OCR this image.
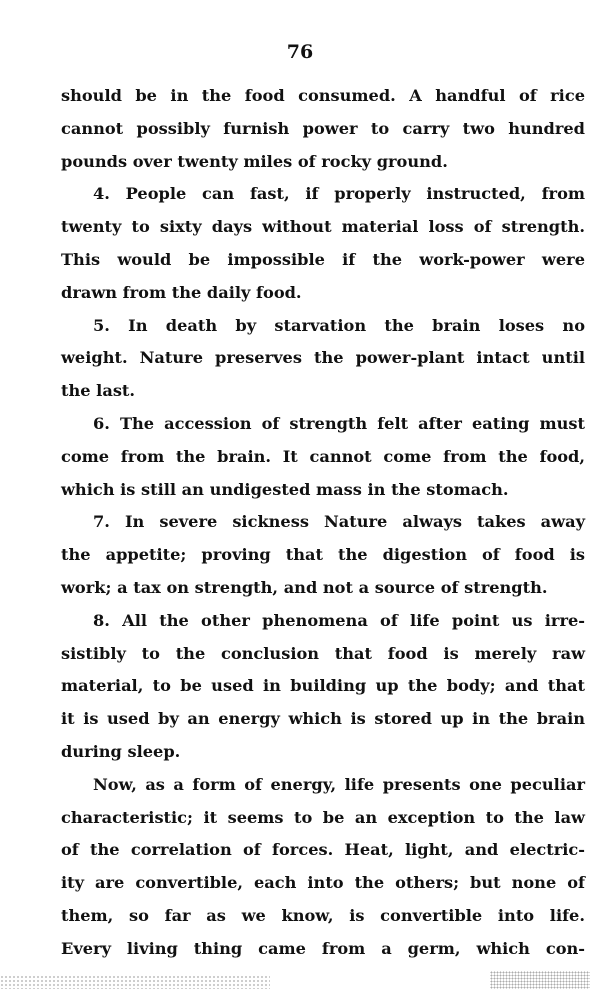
76
should be in the food consumed. A handful of rice
cannot possibly furnish power to carry two hundred
pounds over twenty miles of rocky ground.
4. People can fast, if properly instructed, from
twenty to sixty days without material loss of strength.
This would be impossible if the work-power were
drawn from the daily food.
5. In death by starvation the brain loses no
weight. Nature preserves the power-plant intact until
the last.
6. The accession of strength felt after eating must
come from the brain. It cannot come from the food,
which is still an undigested mass in the stomach.
7. In severe sickness Nature always takes away
the appetite; proving that the digestion of food is
work; a tax on strength, and not a source of strength.
8. All the other phenomena of life point us irre-
sistibly to the conclusion that food is merely raw
material, to be used in building up the body; and that
it is used by an energy which is stored up in the brain
during sleep.
Now, as a form of energy, life presents one peculiar
characteristic; it seems to be an exception to the law
of the correlation of forces. Heat, light, and electric-
ity are convertible, each into the others; but none of
them, so far as we know, is convertible into life.
Every living thing came from a germ, which con-
